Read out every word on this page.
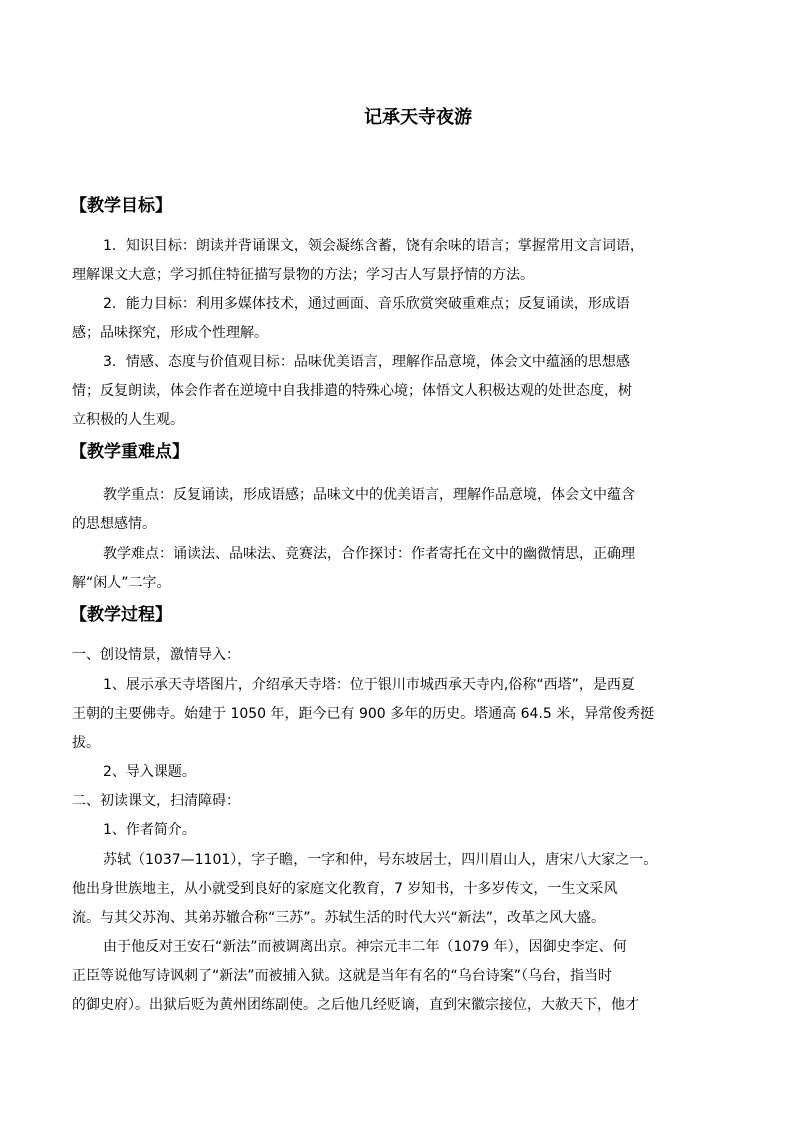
记承天寺夜游
【教学目标】
1．知识目标：朗读并背诵课文，领会凝练含蓄，饶有余味的语言；掌握常用文言词语，
理解课文大意；学习抓住特征描写景物的方法；学习古人写景抒情的方法。
2．能力目标：利用多媒体技术，通过画面、音乐欣赏突破重难点；反复诵读，形成语
感；品味探究，形成个性理解。
3．情感、态度与价值观目标：品味优美语言，理解作品意境，体会文中蕴涵的思想感
情；反复朗读，体会作者在逆境中自我排遣的特殊心境；体悟文人积极达观的处世态度，树
立积极的人生观。
【教学重难点】
教学重点：反复诵读，形成语感；品味文中的优美语言，理解作品意境，体会文中蕴含
的思想感情。
教学难点：诵读法、品味法、竞赛法，合作探讨：作者寄托在文中的幽微情思，正确理
解“闲人”二字。
【教学过程】
一、创设情景，激情导入：
1、展示承天寺塔图片，介绍承天寺塔：位于银川市城西承天寺内,俗称“西塔”，是西夏
王朝的主要佛寺。始建于 1050 年，距今已有 900 多年的历史。塔通高 64.5 米，异常俊秀挺
拔。
2、导入课题。
二、初读课文，扫清障碍：
1、作者简介。
苏轼（1037—1101），字子瞻，一字和仲，号东坡居士，四川眉山人，唐宋八大家之一。
他出身世族地主，从小就受到良好的家庭文化教育，7 岁知书，十多岁传文，一生文采风
流。与其父苏洵、其弟苏辙合称“三苏”。苏轼生活的时代大兴“新法”，改革之风大盛。
由于他反对王安石“新法”而被调离出京。神宗元丰二年（1079 年），因御史李定、何
正臣等说他写诗讽刺了“新法”而被捕入狱。这就是当年有名的“乌台诗案”（乌台，指当时
的御史府）。出狱后贬为黄州团练副使。之后他几经贬谪，直到宋徽宗接位，大赦天下，他才
